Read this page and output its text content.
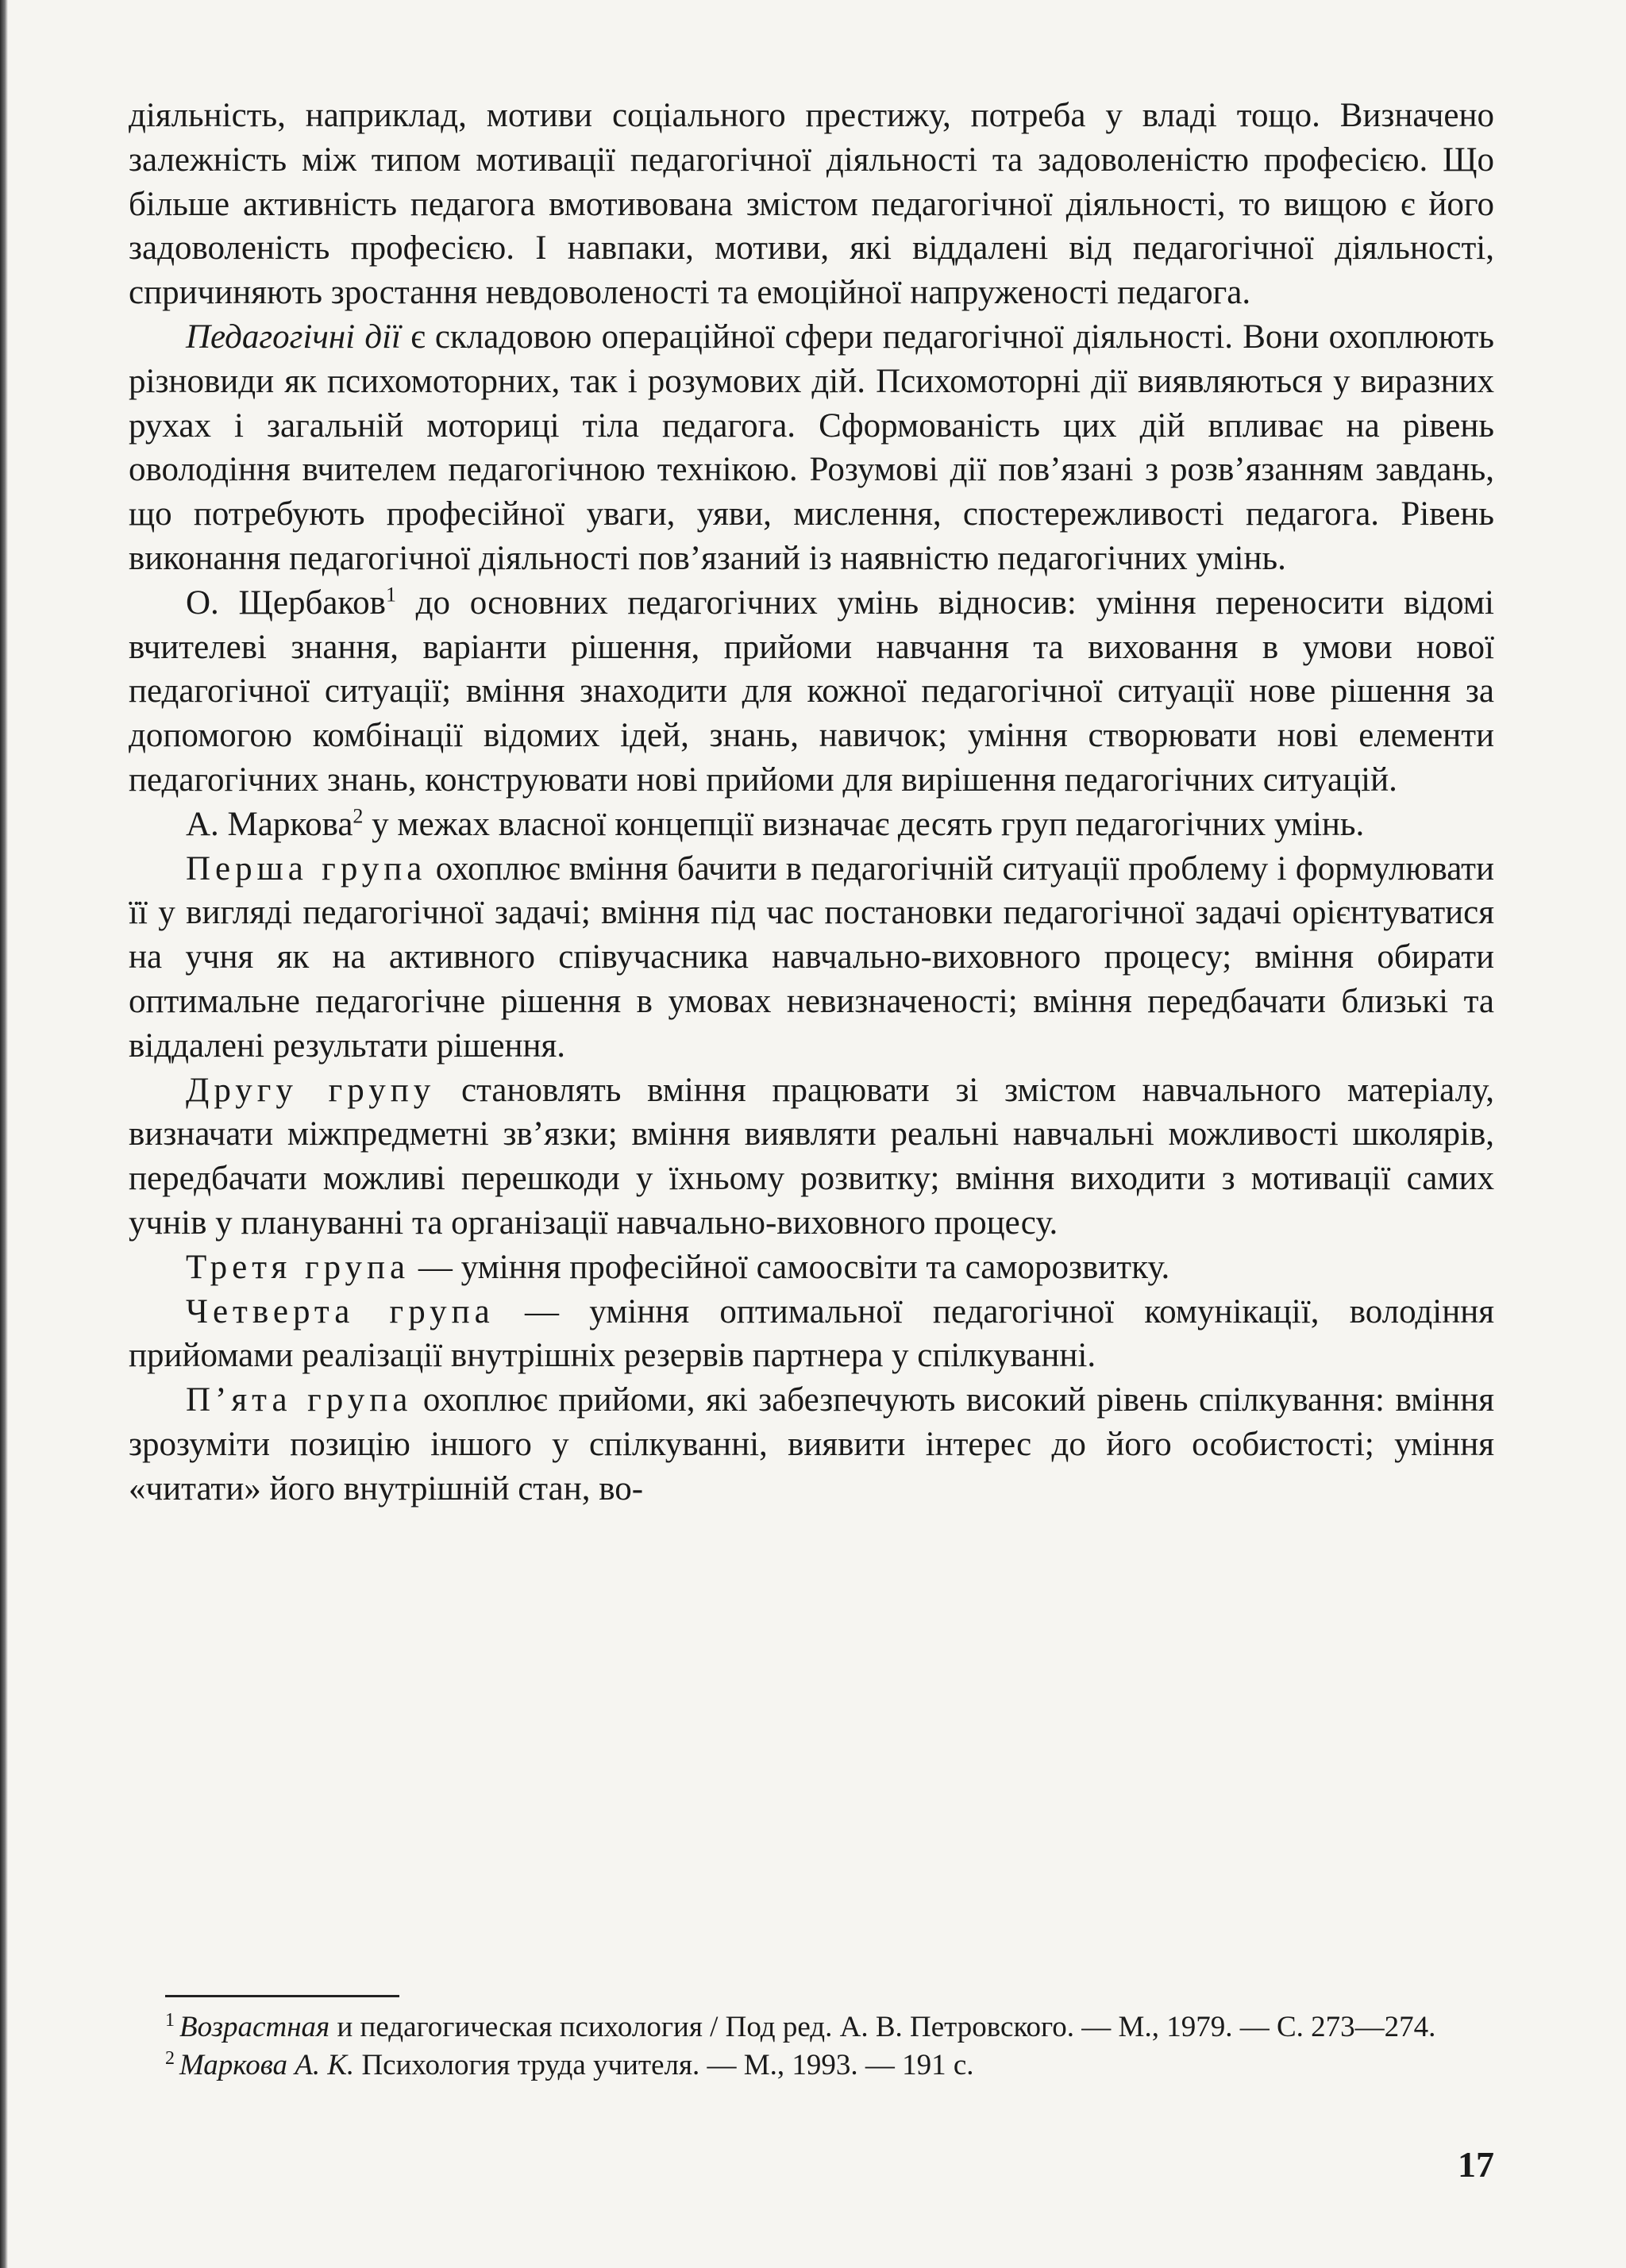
діяльність, наприклад, мотиви соціального престижу, потреба у владі тощо. Визначено залежність між типом мотивації педагогічної діяльності та задоволеністю професією. Що більше активність педагога вмотивована змістом педагогічної діяльності, то вищою є його задоволеність професією. І навпаки, мотиви, які віддалені від педагогічної діяльності, спричиняють зростання невдоволеності та емоційної напруженості педагога.

Педагогічні дії є складовою операційної сфери педагогічної діяльності. Вони охоплюють різновиди як психомоторних, так і розумових дій. Психомоторні дії виявляються у виразних рухах і загальній моториці тіла педагога. Сформованість цих дій впливає на рівень оволодіння вчителем педагогічною технікою. Розумові дії пов’язані з розв’язанням завдань, що потребують професійної уваги, уяви, мислення, спостережливості педагога. Рівень виконання педагогічної діяльності пов’язаний із наявністю педагогічних умінь.

О. Щербаков$^1$ до основних педагогічних умінь відносив: уміння переносити відомі вчителеві знання, варіанти рішення, прийоми навчання та виховання в умови нової педагогічної ситуації; вміння знаходити для кожної педагогічної ситуації нове рішення за допомогою комбінації відомих ідей, знань, навичок; уміння створювати нові елементи педагогічних знань, конструювати нові прийоми для вирішення педагогічних ситуацій.

А. Маркова$^2$ у межах власної концепції визначає десять груп педагогічних умінь.

Перша група охоплює вміння бачити в педагогічній ситуації проблему і формулювати її у вигляді педагогічної задачі; вміння під час постановки педагогічної задачі орієнтуватися на учня як на активного співучасника навчально-виховного процесу; вміння обирати оптимальне педагогічне рішення в умовах невизначеності; вміння передбачати близькі та віддалені результати рішення.

Другу групу становлять вміння працювати зі змістом навчального матеріалу, визначати міжпредметні зв’язки; вміння виявляти реальні навчальні можливості школярів, передбачати можливі перешкоди у їхньому розвитку; вміння виходити з мотивації самих учнів у плануванні та організації навчально-виховного процесу.

Третя група — уміння професійної самоосвіти та саморозвитку.

Четверта група — уміння оптимальної педагогічної комунікації, володіння прийомами реалізації внутрішніх резервів партнера у спілкуванні.

П’ята група охоплює прийоми, які забезпечують високий рівень спілкування: вміння зрозуміти позицію іншого у спілкуванні, виявити інтерес до його особистості; уміння «читати» його внутрішній стан, во-

$^1$ Возрастная и педагогическая психология / Под ред. А. В. Петровского. — М., 1979. — С. 273—274.

$^2$ Маркова А. К. Психология труда учителя. — М., 1993. — 191 с.

17
